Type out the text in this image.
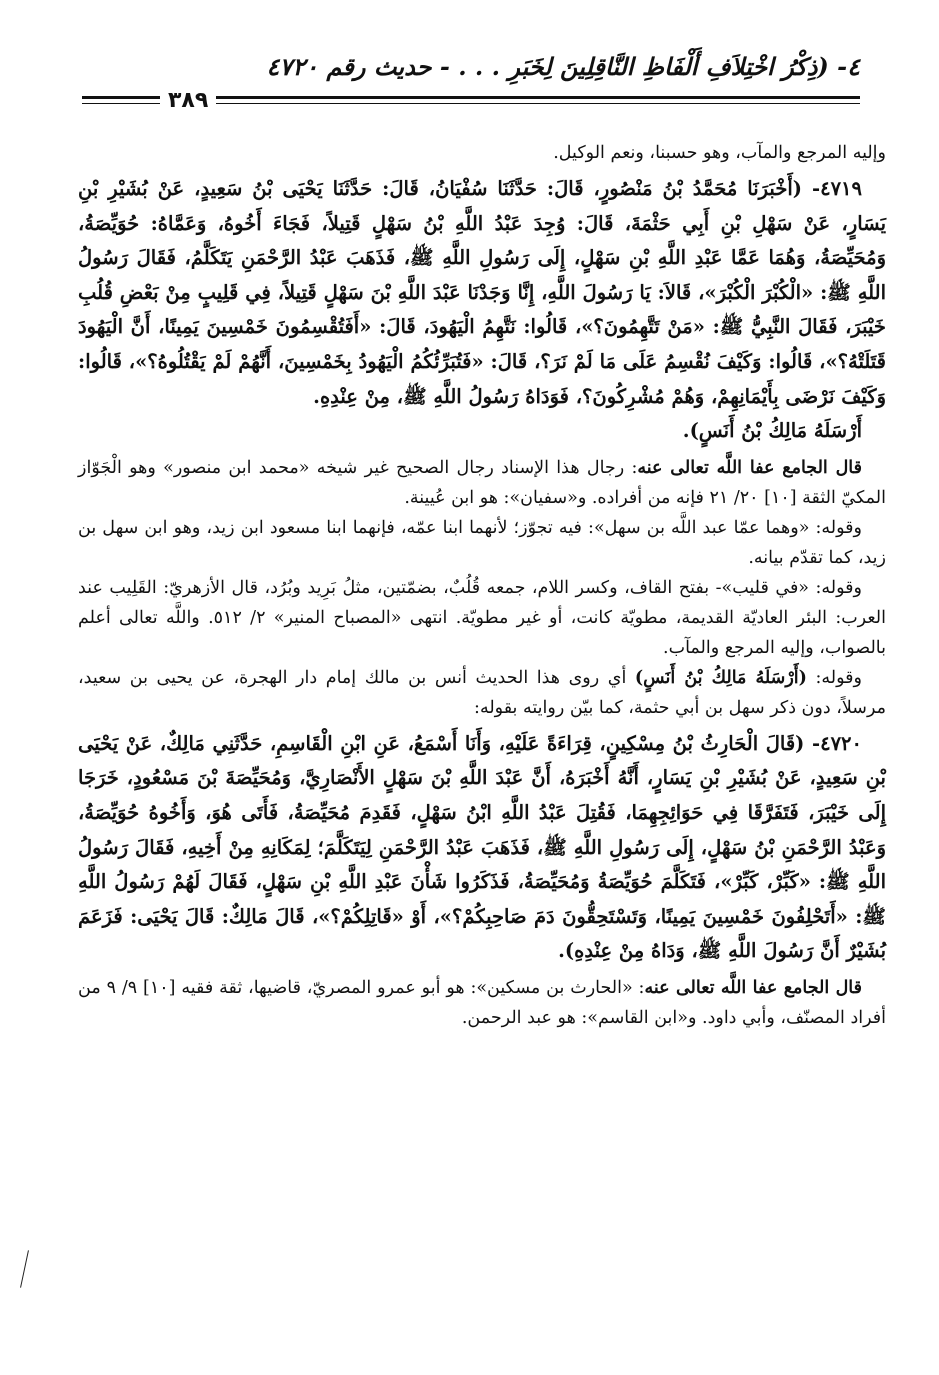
٤- (ذِكْرُ اخْتِلاَفِ أَلْفَاظِ النَّاقِلِينَ لِخَبَرِ . . . - حديث رقم ٤٧٢٠
٣٨٩

وإليه المرجع والمآب، وهو حسبنا، ونعم الوكيل.

٤٧١٩- (أَخْبَرَنَا مُحَمَّدُ بْنُ مَنْصُورٍ، قَالَ: حَدَّثَنَا سُفْيَانُ، قَالَ: حَدَّثَنَا يَحْيَى بْنُ سَعِيدٍ، عَنْ بُشَيْرِ بْنِ يَسَارٍ، عَنْ سَهْلِ بْنِ أَبِي حَثْمَةَ، قَالَ: وُجِدَ عَبْدُ اللَّهِ بْنُ سَهْلٍ قَتِيلاً، فَجَاءَ أَخُوهُ، وَعَمَّاهُ: حُوَيِّصَةُ، وَمُحَيِّصَةُ، وَهُمَا عَمَّا عَبْدِ اللَّهِ بْنِ سَهْلٍ، إِلَى رَسُولِ اللَّهِ ﷺ، فَذَهَبَ عَبْدُ الرَّحْمَنِ يَتَكَلَّمُ، فَقَالَ رَسُولُ اللَّهِ ﷺ: «الْكُبْرَ الْكُبْرَ»، قَالاَ: يَا رَسُولَ اللَّهِ، إِنَّا وَجَدْنَا عَبْدَ اللَّهِ بْنَ سَهْلٍ قَتِيلاً، فِي قَلِيبٍ مِنْ بَعْضِ قُلُبِ خَيْبَرَ، فَقَالَ النَّبِيُّ ﷺ: «مَنْ تَتَّهِمُونَ؟»، قَالُوا: نَتَّهِمُ الْيَهُودَ، قَالَ: «أَفَتُقْسِمُونَ خَمْسِينَ يَمِينًا، أَنَّ الْيَهُودَ قَتَلَتْهُ؟»، قَالُوا: وَكَيْفَ نُقْسِمُ عَلَى مَا لَمْ نَرَ؟، قَالَ: «فَتُبَرِّئُكُمُ الْيَهُودُ بِخَمْسِينَ، أَنَّهُمْ لَمْ يَقْتُلُوهُ؟»، قَالُوا: وَكَيْفَ نَرْضَى بِأَيْمَانِهِمْ، وَهُمْ مُشْرِكُونَ؟، فَوَدَاهُ رَسُولُ اللَّهِ ﷺ، مِنْ عِنْدِهِ.

أَرْسَلَهُ مَالِكُ بْنُ أَنَسٍ).

قال الجامع عفا اللَّه تعالى عنه: رجال هذا الإسناد رجال الصحيح غير شيخه «محمد ابن منصور» وهو الْجَوّاز المكيّ الثقة [١٠] ٢٠/ ٢١ فإنه من أفراده. و«سفيان»: هو ابن عُيينة.

وقوله: «وهما عمّا عبد اللَّه بن سهل»: فيه تجوّز؛ لأنهما ابنا عمّه، فإنهما ابنا مسعود ابن زيد، وهو ابن سهل بن زيد، كما تقدّم بيانه.

وقوله: «في قليب»- بفتح القاف، وكسر اللام، جمعه قُلُبٌ، بضمّتين، مثلُ بَرِيد وبُرُد، قال الأزهريّ: القَلِيب عند العرب: البئر العاديّة القديمة، مطويّة كانت، أو غير مطويّة. انتهى «المصباح المنير» ٢/ ٥١٢. واللَّه تعالى أعلم بالصواب، وإليه المرجع والمآب.

وقوله: (أَرْسَلَهُ مَالِكُ بْنُ أَنَسٍ) أي روى هذا الحديث أنس بن مالك إمام دار الهجرة، عن يحيى بن سعيد، مرسلاً، دون ذكر سهل بن أبي حثمة، كما بيّن روايته بقوله:

٤٧٢٠- (قَالَ الْحَارِثُ بْنُ مِسْكِينٍ، قِرَاءَةً عَلَيْهِ، وَأَنَا أَسْمَعُ، عَنِ ابْنِ الْقَاسِمِ، حَدَّثَنِي مَالِكٌ، عَنْ يَحْيَى بْنِ سَعِيدٍ، عَنْ بُشَيْرِ بْنِ يَسَارٍ، أَنَّهُ أَخْبَرَهُ، أَنَّ عَبْدَ اللَّهِ بْنَ سَهْلٍ الأَنْصَارِيَّ، وَمُحَيِّصَةَ بْنَ مَسْعُودٍ، خَرَجَا إِلَى خَيْبَرَ، فَتَفَرَّقَا فِي حَوَائِجِهِمَا، فَقُتِلَ عَبْدُ اللَّهِ ابْنُ سَهْلٍ، فَقَدِمَ مُحَيِّصَةُ، فَأَتَى هُوَ، وَأَخُوهُ حُوَيِّصَةُ، وَعَبْدُ الرَّحْمَنِ بْنُ سَهْلٍ، إِلَى رَسُولِ اللَّهِ ﷺ، فَذَهَبَ عَبْدُ الرَّحْمَنِ لِيَتَكَلَّمَ؛ لِمَكَانِهِ مِنْ أَخِيهِ، فَقَالَ رَسُولُ اللَّهِ ﷺ: «كَبِّرْ، كَبِّرْ»، فَتَكَلَّمَ حُوَيِّصَةُ وَمُحَيِّصَةُ، فَذَكَرُوا شَأْنَ عَبْدِ اللَّهِ بْنِ سَهْلٍ، فَقَالَ لَهُمْ رَسُولُ اللَّهِ ﷺ: «أَتَحْلِفُونَ خَمْسِينَ يَمِينًا، وَتَسْتَحِقُّونَ دَمَ صَاحِبِكُمْ؟»، أَوْ «قَاتِلِكُمْ؟»، قَالَ مَالِكٌ: قَالَ يَحْيَى: فَزَعَمَ بُشَيْرٌ أَنَّ رَسُولَ اللَّهِ ﷺ، وَدَاهُ مِنْ عِنْدِهِ).

قال الجامع عفا اللَّه تعالى عنه: «الحارث بن مسكين»: هو أبو عمرو المصريّ، قاضيها، ثقة فقيه [١٠] ٩/ ٩ من أفراد المصنّف، وأبي داود. و«ابن القاسم»: هو عبد الرحمن.
